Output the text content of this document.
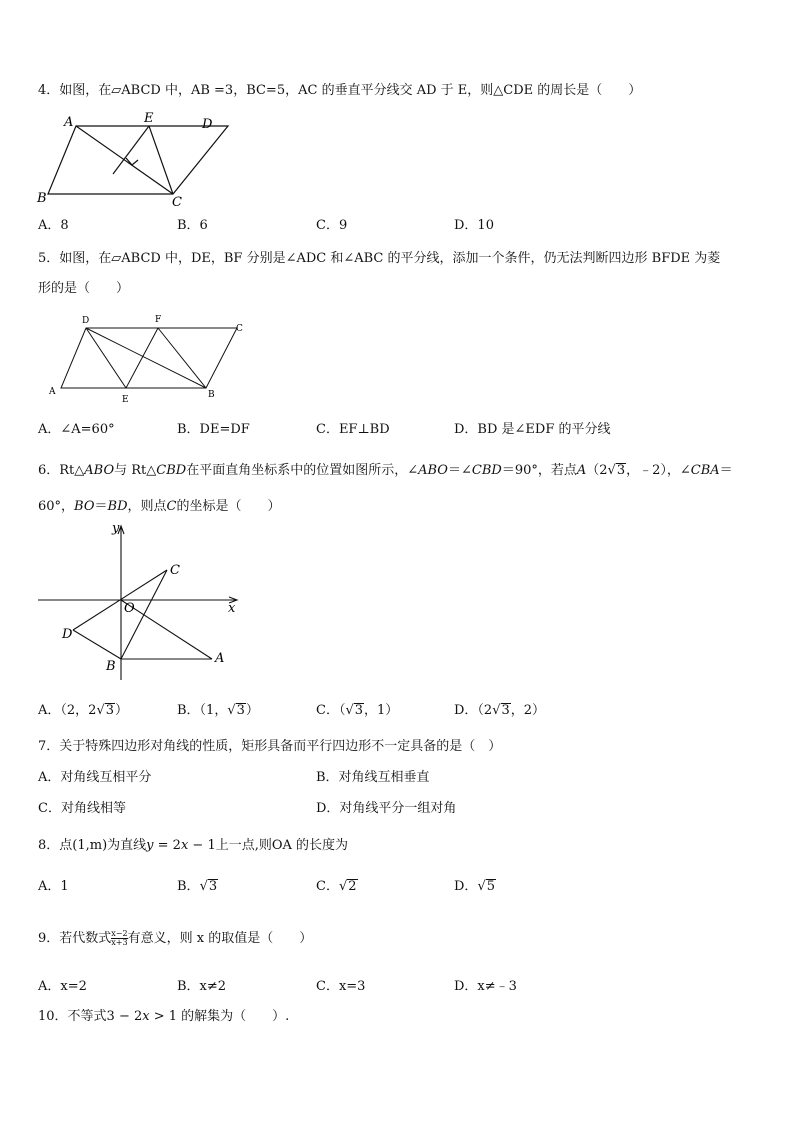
4．如图，在▱ABCD 中，AB =3，BC=5，AC 的垂直平分线交 AD 于 E，则△CDE 的周长是（　　）
A	E	D
B	C
A．8	B．6	C．9	D．10
5．如图，在▱ABCD 中，DE，BF 分别是∠ADC 和∠ABC 的平分线，添加一个条件，仍无法判断四边形 BFDE 为菱
形的是（　　）
D	F
C
A
E	B
A．∠A=60°	B．DE=DF	C．EF⊥BD	D．BD 是∠EDF 的平分线
6．Rt△ABO与 Rt△CBD在平面直角坐标系中的位置如图所示，∠ABO＝∠CBD＝90°，若点A（2√3，﹣2），∠CBA＝
60°，BO＝BD，则点C的坐标是（　　）
y
x
C
O
D
B
A
A．（2，2√3）	B．（1，√3）	C．（√3，1）	D．（2√3，2）
7．关于特殊四边形对角线的性质，矩形具备而平行四边形不一定具备的是（　）
A．对角线互相平分	B．对角线互相垂直
C．对角线相等	D．对角线平分一组对角
8．点(1,m)为直线y = 2x − 1上一点,则OA 的长度为
A．1	B．√3	C．√2	D．√5
9．若代数式 $\frac{x-2}{x+3}$ 有意义，则 x 的取值是（　　）
A．x=2	B．x≠2	C．x=3	D．x≠﹣3
10．不等式3 − 2x > 1 的解集为（　　）.
